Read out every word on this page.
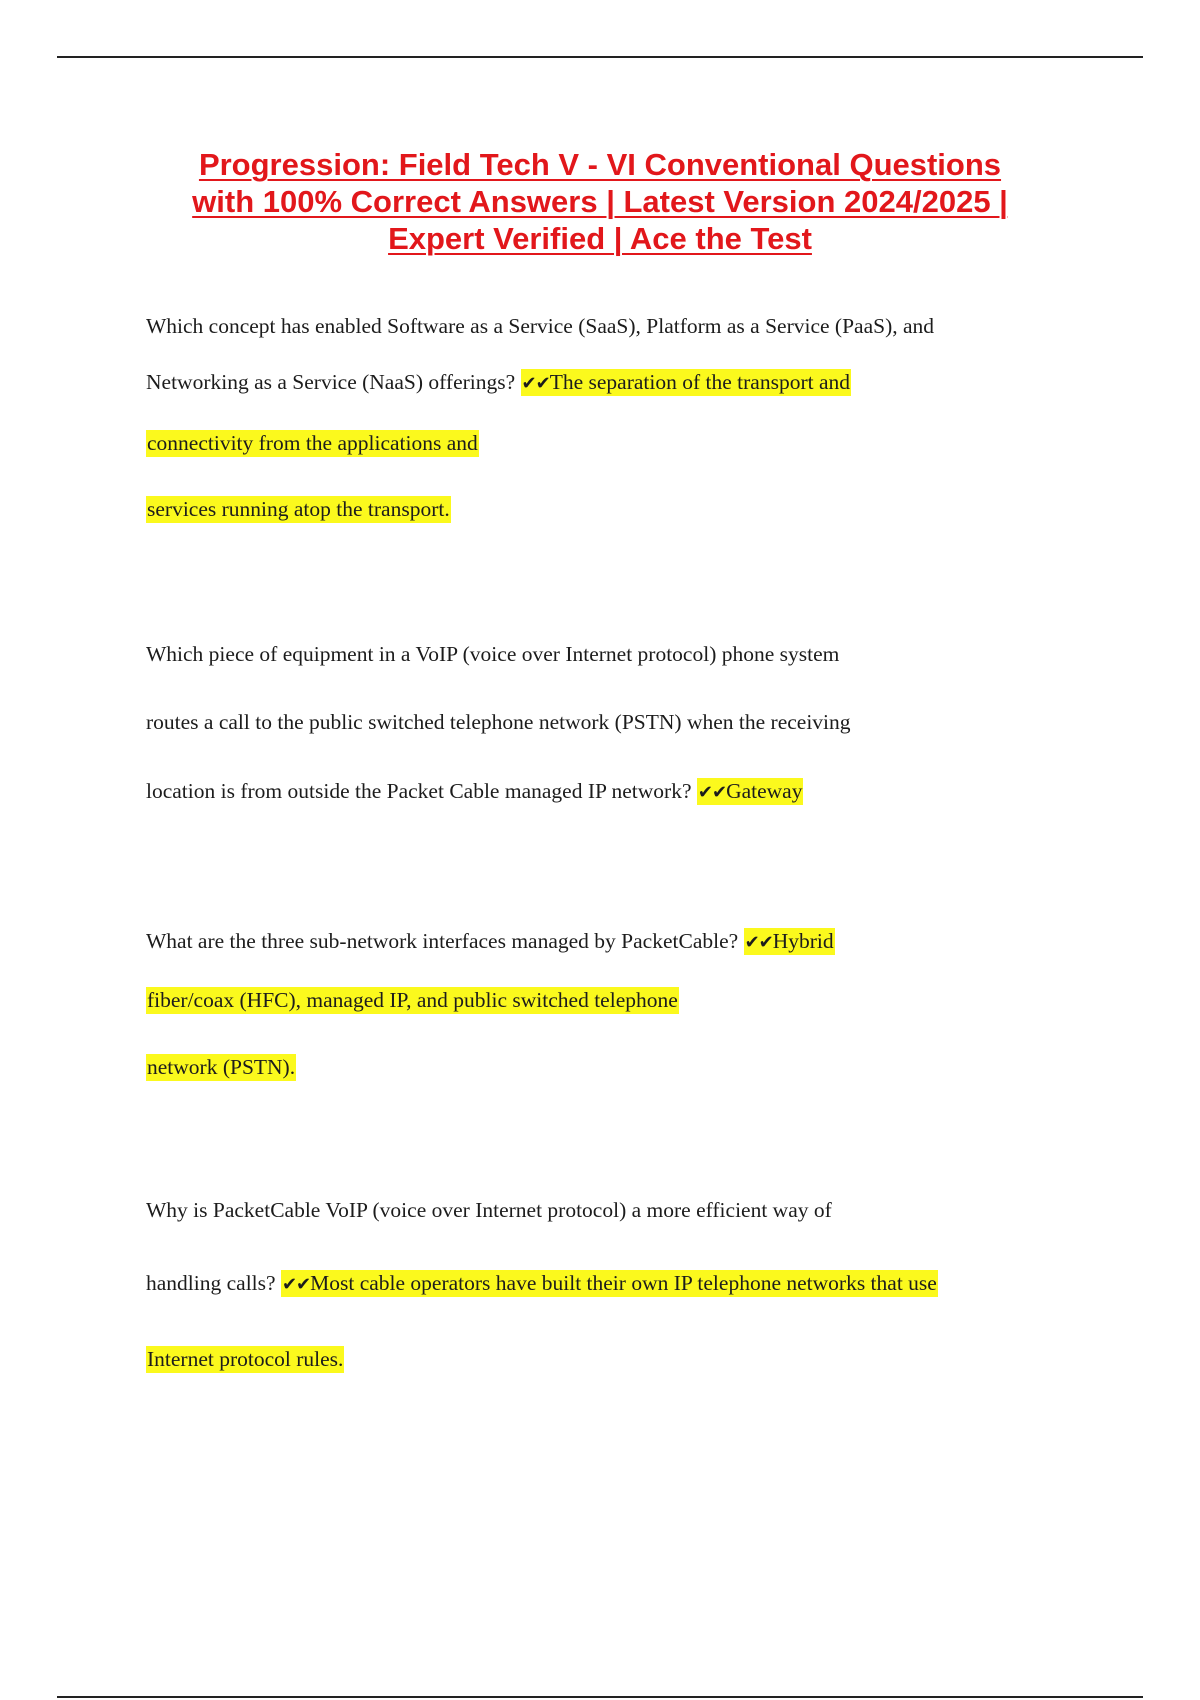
Progression: Field Tech V - VI Conventional Questions
with 100% Correct Answers | Latest Version 2024/2025 |
Expert Verified | Ace the Test

Which concept has enabled Software as a Service (SaaS), Platform as a Service (PaaS), and

Networking as a Service (NaaS) offerings? ✔✔The separation of the transport and

connectivity from the applications and

services running atop the transport.

Which piece of equipment in a VoIP (voice over Internet protocol) phone system

routes a call to the public switched telephone network (PSTN) when the receiving

location is from outside the Packet Cable managed IP network? ✔✔Gateway

What are the three sub-network interfaces managed by PacketCable? ✔✔Hybrid

fiber/coax (HFC), managed IP, and public switched telephone

network (PSTN).

Why is PacketCable VoIP (voice over Internet protocol) a more efficient way of

handling calls? ✔✔Most cable operators have built their own IP telephone networks that use

Internet protocol rules.
